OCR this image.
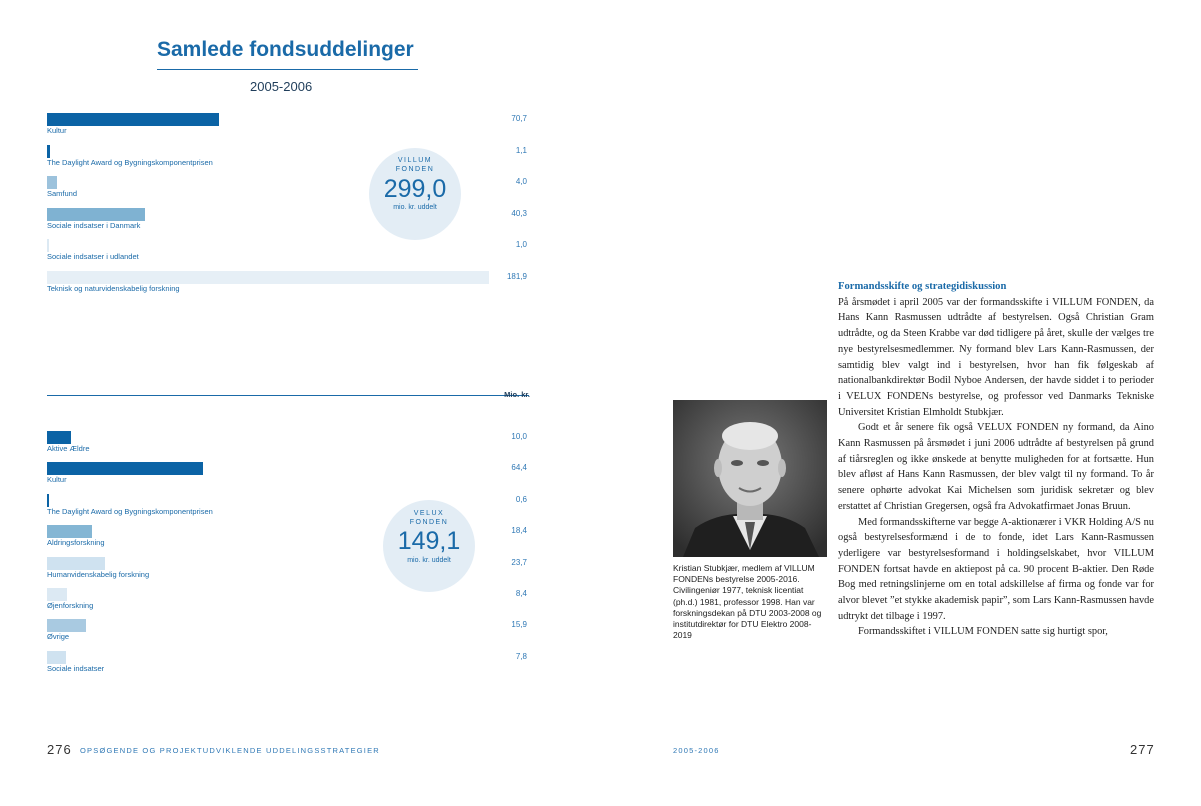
Samlede fondsuddelinger
2005-2006
Kultur
70,7
The Daylight Award og Bygningskomponentprisen
1,1
Samfund
4,0
Sociale indsatser i Danmark
40,3
Sociale indsatser i udlandet
1,0
Teknisk og naturvidenskabelig forskning
181,9
VILLUM
FONDEN
299,0
mio. kr. uddelt
Mio. kr.
Aktive Ældre
10,0
Kultur
64,4
The Daylight Award og Bygningskomponentprisen
0,6
Aldringsforskning
18,4
Humanvidenskabelig forskning
23,7
Øjenforskning
8,4
Øvrige
15,9
Sociale indsatser
7,8
VELUX
FONDEN
149,1
mio. kr. uddelt
276 OPSØGENDE OG PROJEKTUDVIKLENDE UDDELINGSSTRATEGIER
Kristian Stubkjær, medlem af VILLUM FONDENs bestyrelse 2005-2016. Civilingeniør 1977, teknisk licentiat (ph.d.) 1981, professor 1998. Han var forskningsdekan på DTU 2003-2008 og institutdirektør for DTU Elektro 2008-2019

Formandsskifte og strategidiskussion

På årsmødet i april 2005 var der formandsskifte i VILLUM FONDEN, da Hans Kann Rasmussen udtrådte af bestyrelsen. Også Christian Gram udtrådte, og da Steen Krabbe var død tidligere på året, skulle der vælges tre nye bestyrelsesmedlemmer. Ny formand blev Lars Kann-Rasmussen, der samtidig blev valgt ind i bestyrelsen, hvor han fik følgeskab af nationalbankdirektør Bodil Nyboe Andersen, der havde siddet i to perioder i VELUX FONDENs bestyrelse, og professor ved Danmarks Tekniske Universitet Kristian Elmholdt Stubkjær.

Godt et år senere fik også VELUX FONDEN ny formand, da Aino Kann Rasmussen på årsmødet i juni 2006 udtrådte af bestyrelsen på grund af tiårsreglen og ikke ønskede at benytte muligheden for at fortsætte. Hun blev afløst af Hans Kann Rasmussen, der blev valgt til ny formand. To år senere ophørte advokat Kai Michelsen som juridisk sekretær og blev erstattet af Christian Gregersen, også fra Advokatfirmaet Jonas Bruun.

Med formandsskifterne var begge A-aktionærer i VKR Holding A/S nu også bestyrelsesformænd i de to fonde, idet Lars Kann-Rasmussen yderligere var bestyrelsesformand i holdingselskabet, hvor VILLUM FONDEN fortsat havde en aktiepost på ca. 90 procent B-aktier. Den Røde Bog med retningslinjerne om en total adskillelse af firma og fonde var for alvor blevet ”et stykke akademisk papir”, som Lars Kann-Rasmussen havde udtrykt det tilbage i 1997.

Formandsskiftet i VILLUM FONDEN satte sig hurtigt spor,

2005-2006	277
